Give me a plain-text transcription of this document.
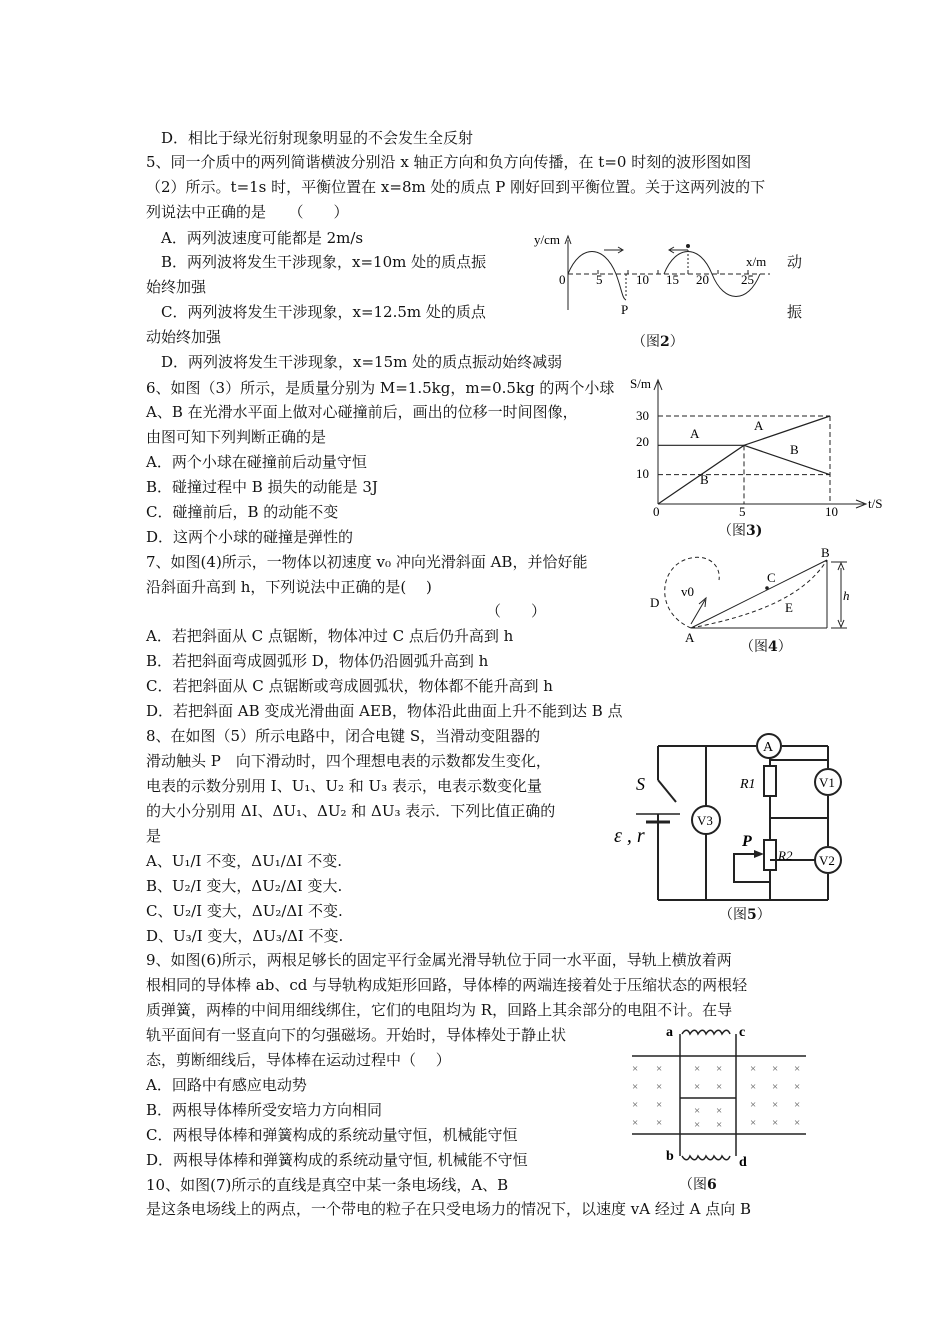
D．相比于绿光衍射现象明显的不会发生全反射
5、同一介质中的两列简谐横波分别沿 x 轴正方向和负方向传播，在 t=0 时刻的波形图如图
（2）所示。t=1s 时，平衡位置在 x=8m 处的质点 P 刚好回到平衡位置。关于这两列波的下
列说法中正确的是　　（　　）
A．两列波速度可能都是 2m/s
B．两列波将发生干涉现象，x=10m 处的质点振	动
始终加强
C．两列波将发生干涉现象，x=12.5m 处的质点	振
动始终加强
D．两列波将发生干涉现象，x=15m 处的质点振动始终减弱
6、如图（3）所示，是质量分别为 M=1.5kg，m=0.5kg 的两个小球
A、B 在光滑水平面上做对心碰撞前后，画出的位移一时间图像，
由图可知下列判断正确的是
A．两个小球在碰撞前后动量守恒
B．碰撞过程中 B 损失的动能是 3J
C．碰撞前后，B 的动能不变
D．这两个小球的碰撞是弹性的
7、如图(4)所示，一物体以初速度 v₀ 冲向光滑斜面 AB，并恰好能
沿斜面升高到 h，下列说法中正确的是(　 )
（　　）
A．若把斜面从 C 点锯断，物体冲过 C 点后仍升高到 h
B．若把斜面弯成圆弧形 D，物体仍沿圆弧升高到 h
C．若把斜面从 C 点锯断或弯成圆弧状，物体都不能升高到 h
D．若把斜面 AB 变成光滑曲面 AEB，物体沿此曲面上升不能到达 B 点
8、在如图（5）所示电路中，闭合电键 S，当滑动变阻器的
滑动触头 P　向下滑动时，四个理想电表的示数都发生变化，
电表的示数分别用 I、U₁、U₂ 和 U₃ 表示，电表示数变化量
的大小分别用 ΔI、ΔU₁、ΔU₂ 和 ΔU₃ 表示．下列比值正确的
是
A、U₁/I 不变，ΔU₁/ΔI 不变.
B、U₂/I 变大，ΔU₂/ΔI 变大.
C、U₂/I 变大，ΔU₂/ΔI 不变.
D、U₃/I 变大，ΔU₃/ΔI 不变.
9、如图(6)所示，两根足够长的固定平行金属光滑导轨位于同一水平面，导轨上横放着两
根相同的导体棒 ab、cd 与导轨构成矩形回路，导体棒的两端连接着处于压缩状态的两根轻
质弹簧，两棒的中间用细线绑住，它们的电阻均为 R，回路上其余部分的电阻不计。在导
轨平面间有一竖直向下的匀强磁场。开始时，导体棒处于静止状
态，剪断细线后，导体棒在运动过程中（　 ）
A．回路中有感应电动势
B．两根导体棒所受安培力方向相同
C．两根导体棒和弹簧构成的系统动量守恒，机械能守恒
D．两根导体棒和弹簧构成的系统动量守恒, 机械能不守恒
10、如图(7)所示的直线是真空中某一条电场线，A、B
是这条电场线上的两点，一个带电的粒子在只受电场力的情况下，以速度 vA 经过 A 点向 B
y/cm
x/m
0 5	10 15 20 25
P
（图2）
S/m
t/S
30
20
10
0	5	10
A
A
B
B
（图3)
B
C
D
v0
E
A
h
（图4）
A
R1	V1
S
V3
ε , r	P
R2 V2
（图5）
× ×	× ×	× × ×
× ×	× ×	× × ×
× ×	× ×	× × ×
× ×	× ×	× × ×
a	c
b	d
（图6
